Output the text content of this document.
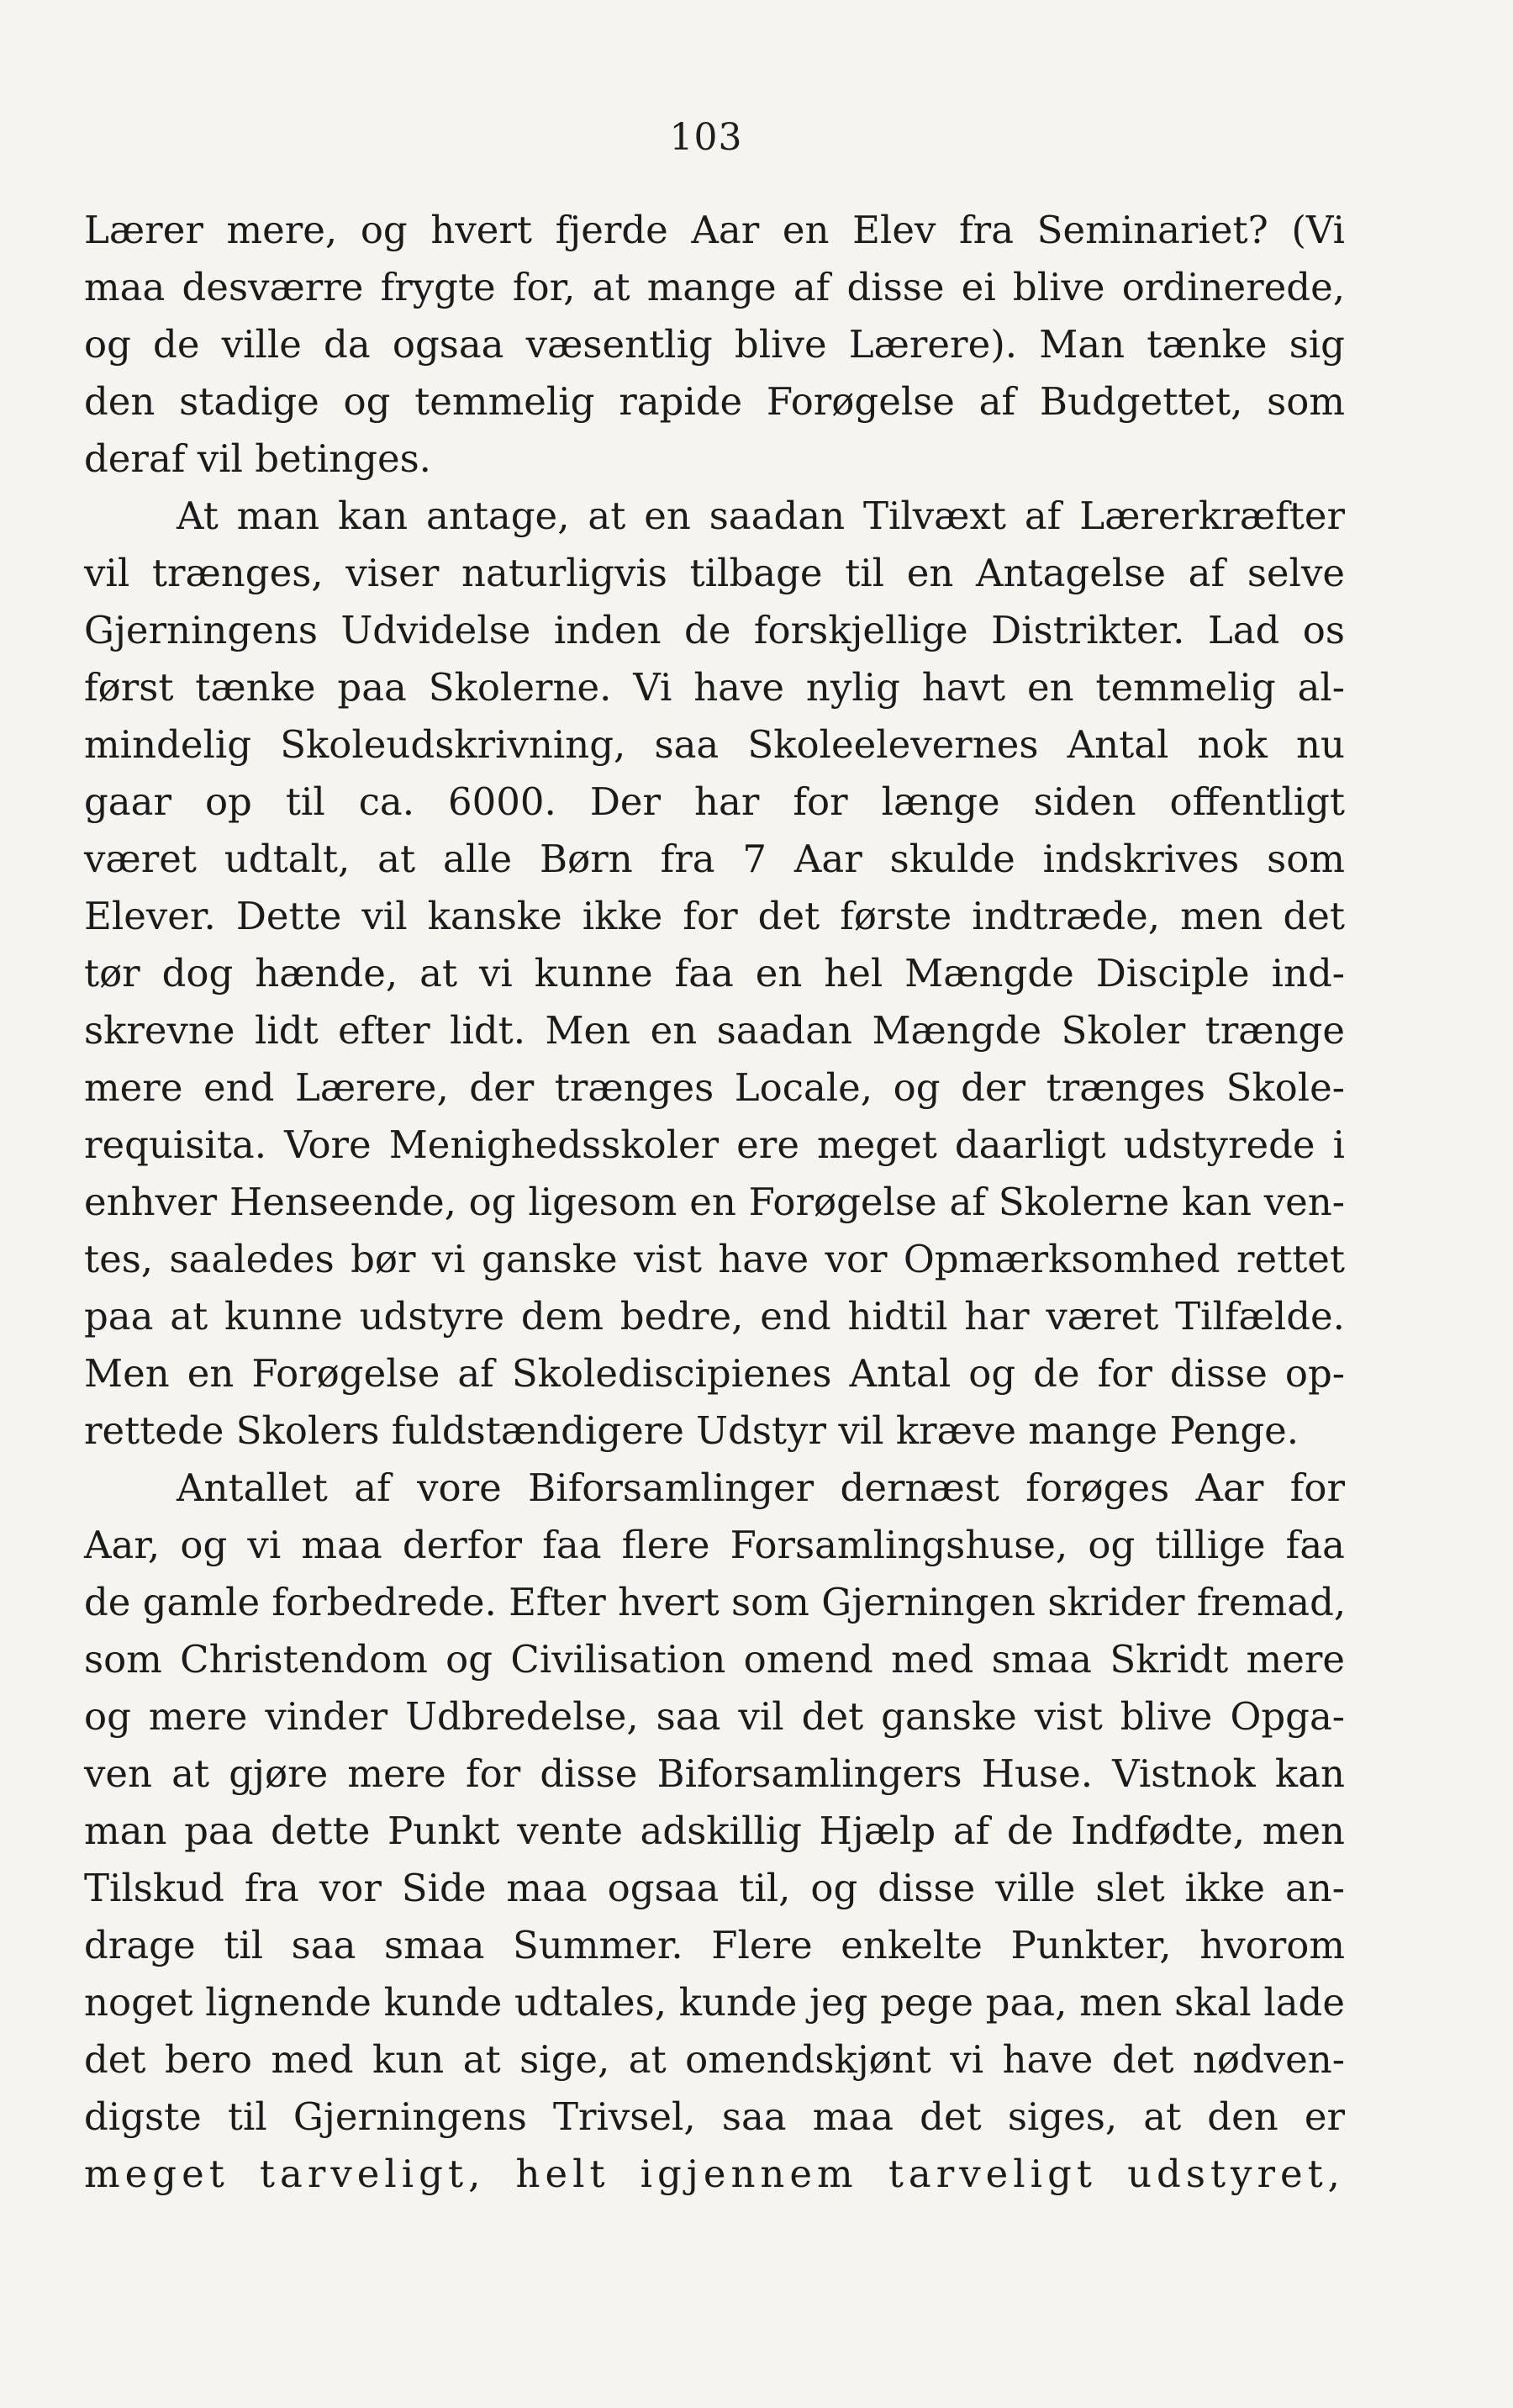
103
Lærer mere, og hvert fjerde Aar en Elev fra Seminariet? (Vi
maa desværre frygte for, at mange af disse ei blive ordinerede,
og de ville da ogsaa væsentlig blive Lærere). Man tænke sig
den stadige og temmelig rapide Forøgelse af Budgettet, som
deraf vil betinges.
At man kan antage, at en saadan Tilvæxt af Lærerkræfter
vil trænges, viser naturligvis tilbage til en Antagelse af selve
Gjerningens Udvidelse inden de forskjellige Distrikter. Lad os
først tænke paa Skolerne. Vi have nylig havt en temmelig al-
mindelig Skoleudskrivning, saa Skoleelevernes Antal nok nu
gaar op til ca. 6000. Der har for længe siden offentligt
været udtalt, at alle Børn fra 7 Aar skulde indskrives som
Elever. Dette vil kanske ikke for det første indtræde, men det
tør dog hænde, at vi kunne faa en hel Mængde Disciple ind-
skrevne lidt efter lidt. Men en saadan Mængde Skoler trænge
mere end Lærere, der trænges Locale, og der trænges Skole-
requisita. Vore Menighedsskoler ere meget daarligt udstyrede i
enhver Henseende, og ligesom en Forøgelse af Skolerne kan ven-
tes, saaledes bør vi ganske vist have vor Opmærksomhed rettet
paa at kunne udstyre dem bedre, end hidtil har været Tilfælde.
Men en Forøgelse af Skolediscipienes Antal og de for disse op-
rettede Skolers fuldstændigere Udstyr vil kræve mange Penge.
Antallet af vore Biforsamlinger dernæst forøges Aar for
Aar, og vi maa derfor faa flere Forsamlingshuse, og tillige faa
de gamle forbedrede. Efter hvert som Gjerningen skrider fremad,
som Christendom og Civilisation omend med smaa Skridt mere
og mere vinder Udbredelse, saa vil det ganske vist blive Opga-
ven at gjøre mere for disse Biforsamlingers Huse. Vistnok kan
man paa dette Punkt vente adskillig Hjælp af de Indfødte, men
Tilskud fra vor Side maa ogsaa til, og disse ville slet ikke an-
drage til saa smaa Summer. Flere enkelte Punkter, hvorom
noget lignende kunde udtales, kunde jeg pege paa, men skal lade
det bero med kun at sige, at omendskjønt vi have det nødven-
digste til Gjerningens Trivsel, saa maa det siges, at den er
meget tarveligt, helt igjennem tarveligt udstyret,
